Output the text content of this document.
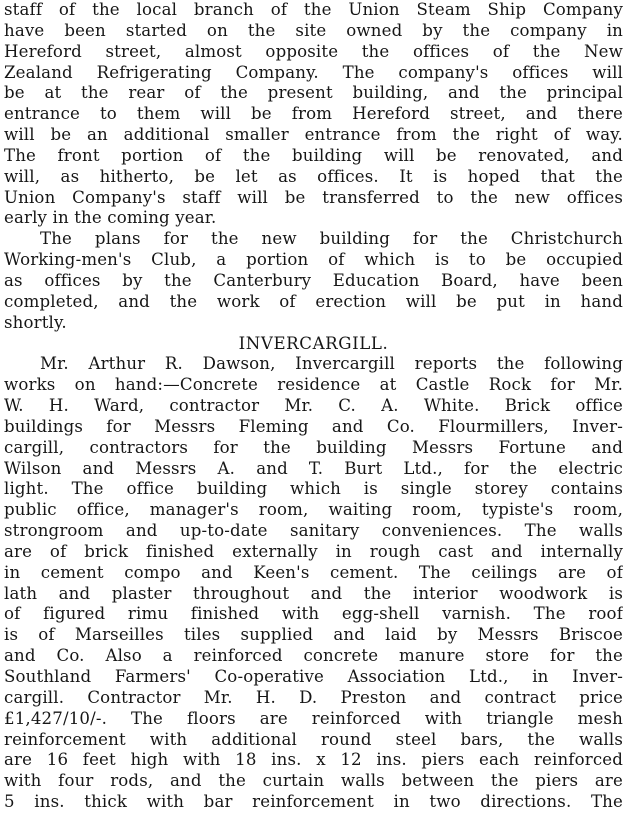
staff of the local branch of the Union Steam Ship Company
have been started on the site owned by the company in
Hereford street, almost opposite the offices of the New
Zealand Refrigerating Company. The company's offices will
be at the rear of the present building, and the principal
entrance to them will be from Hereford street, and there
will be an additional smaller entrance from the right of way.
The front portion of the building will be renovated, and
will, as hitherto, be let as offices. It is hoped that the
Union Company's staff will be transferred to the new offices
early in the coming year.
The plans for the new building for the Christchurch
Working-men's Club, a portion of which is to be occupied
as offices by the Canterbury Education Board, have been
completed, and the work of erection will be put in hand
shortly.
INVERCARGILL.
Mr. Arthur R. Dawson, Invercargill reports the following
works on hand:—Concrete residence at Castle Rock for Mr.
W. H. Ward, contractor Mr. C. A. White. Brick office
buildings for Messrs Fleming and Co. Flourmillers, Inver-
cargill, contractors for the building Messrs Fortune and
Wilson and Messrs A. and T. Burt Ltd., for the electric
light. The office building which is single storey contains
public office, manager's room, waiting room, typiste's room,
strongroom and up-to-date sanitary conveniences. The walls
are of brick finished externally in rough cast and internally
in cement compo and Keen's cement. The ceilings are of
lath and plaster throughout and the interior woodwork is
of figured rimu finished with egg-shell varnish. The roof
is of Marseilles tiles supplied and laid by Messrs Briscoe
and Co. Also a reinforced concrete manure store for the
Southland Farmers' Co-operative Association Ltd., in Inver-
cargill. Contractor Mr. H. D. Preston and contract price
£1,427/10/-. The floors are reinforced with triangle mesh
reinforcement with additional round steel bars, the walls
are 16 feet high with 18 ins. x 12 ins. piers each reinforced
with four rods, and the curtain walls between the piers are
5 ins. thick with bar reinforcement in two directions. The
